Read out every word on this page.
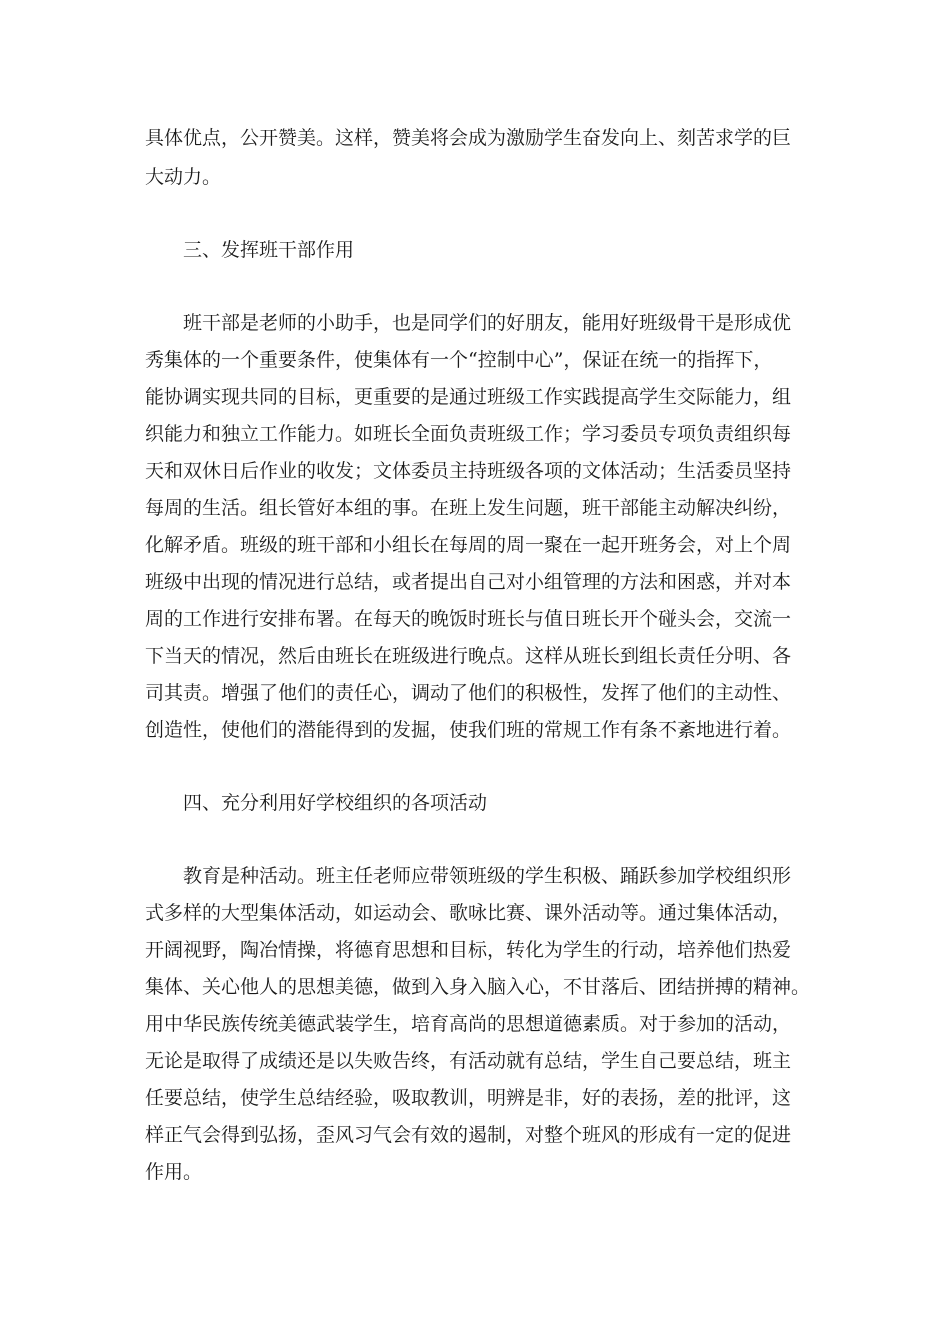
具体优点，公开赞美。这样，赞美将会成为激励学生奋发向上、刻苦求学的巨
大动力。
三、发挥班干部作用
班干部是老师的小助手，也是同学们的好朋友，能用好班级骨干是形成优
秀集体的一个重要条件，使集体有一个“控制中心”，保证在统一的指挥下，
能协调实现共同的目标，更重要的是通过班级工作实践提高学生交际能力，组
织能力和独立工作能力。如班长全面负责班级工作；学习委员专项负责组织每
天和双休日后作业的收发；文体委员主持班级各项的文体活动；生活委员坚持
每周的生活。组长管好本组的事。在班上发生问题，班干部能主动解决纠纷，
化解矛盾。班级的班干部和小组长在每周的周一聚在一起开班务会，对上个周
班级中出现的情况进行总结，或者提出自己对小组管理的方法和困惑，并对本
周的工作进行安排布署。在每天的晚饭时班长与值日班长开个碰头会，交流一
下当天的情况，然后由班长在班级进行晚点。这样从班长到组长责任分明、各
司其责。增强了他们的责任心，调动了他们的积极性，发挥了他们的主动性、
创造性，使他们的潜能得到的发掘，使我们班的常规工作有条不紊地进行着。
四、充分利用好学校组织的各项活动
教育是种活动。班主任老师应带领班级的学生积极、踊跃参加学校组织形
式多样的大型集体活动，如运动会、歌咏比赛、课外活动等。通过集体活动，
开阔视野，陶冶情操，将德育思想和目标，转化为学生的行动，培养他们热爱
集体、关心他人的思想美德，做到入身入脑入心，不甘落后、团结拼搏的精神。
用中华民族传统美德武装学生，培育高尚的思想道德素质。对于参加的活动，
无论是取得了成绩还是以失败告终，有活动就有总结，学生自己要总结，班主
任要总结，使学生总结经验，吸取教训，明辨是非，好的表扬，差的批评，这
样正气会得到弘扬，歪风习气会有效的遏制，对整个班风的形成有一定的促进
作用。
